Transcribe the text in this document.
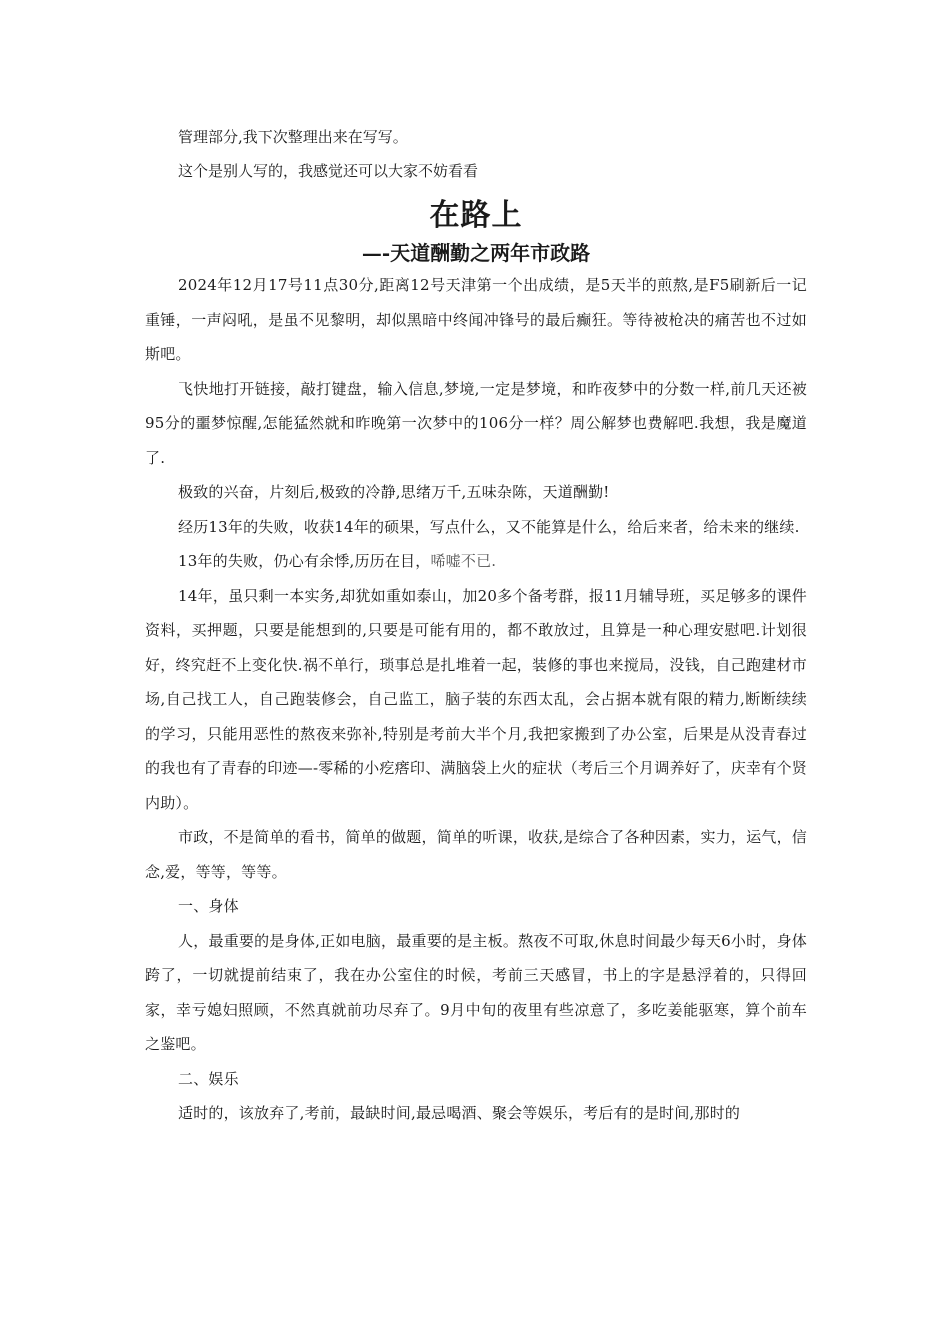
管理部分,我下次整理出来在写写。

这个是别人写的，我感觉还可以大家不妨看看

在路上
—-天道酬勤之两年市政路

2024年12月17号11点30分,距离12号天津第一个出成绩，是5天半的煎熬,是F5刷新后一记重锤，一声闷吼，是虽不见黎明，却似黑暗中终闻冲锋号的最后癫狂。等待被枪决的痛苦也不过如斯吧。

飞快地打开链接，敲打键盘，输入信息,梦境,一定是梦境，和昨夜梦中的分数一样,前几天还被95分的噩梦惊醒,怎能猛然就和昨晚第一次梦中的106分一样？周公解梦也费解吧.我想，我是魔道了.

极致的兴奋，片刻后,极致的冷静,思绪万千,五味杂陈，天道酬勤!

经历13年的失败，收获14年的硕果，写点什么，又不能算是什么，给后来者，给未来的继续.

13年的失败，仍心有余悸,历历在目，唏嘘不已.

14年，虽只剩一本实务,却犹如重如泰山，加20多个备考群，报11月辅导班，买足够多的课件资料，买押题，只要是能想到的,只要是可能有用的，都不敢放过，且算是一种心理安慰吧.计划很好，终究赶不上变化快.祸不单行，琐事总是扎堆着一起，装修的事也来搅局，没钱，自己跑建材市场,自己找工人，自己跑装修会，自己监工，脑子装的东西太乱，会占据本就有限的精力,断断续续的学习，只能用恶性的熬夜来弥补,特别是考前大半个月,我把家搬到了办公室，后果是从没青春过的我也有了青春的印迹—-零稀的小疙瘩印、满脑袋上火的症状（考后三个月调养好了，庆幸有个贤内助）。

市政，不是简单的看书，简单的做题，简单的听课，收获,是综合了各种因素，实力，运气，信念,爱，等等，等等。

一、身体

人，最重要的是身体,正如电脑，最重要的是主板。熬夜不可取,休息时间最少每天6小时，身体跨了，一切就提前结束了，我在办公室住的时候，考前三天感冒，书上的字是悬浮着的，只得回家，幸亏媳妇照顾，不然真就前功尽弃了。9月中旬的夜里有些凉意了，多吃姜能驱寒，算个前车之鉴吧。

二、娱乐

适时的，该放弃了,考前，最缺时间,最忌喝酒、聚会等娱乐，考后有的是时间,那时的
